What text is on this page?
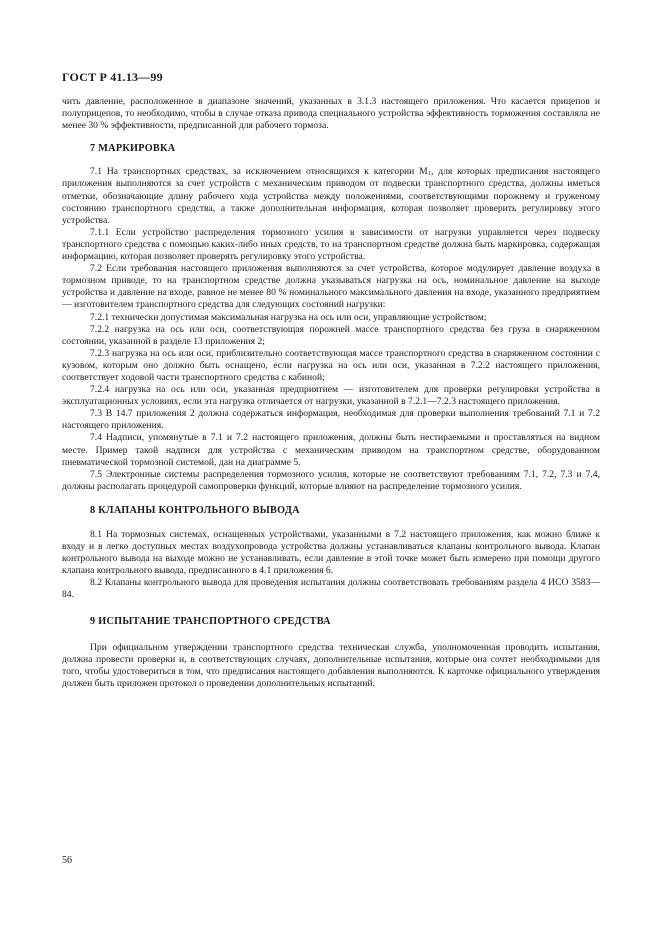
ГОСТ Р 41.13—99

чить давление, расположенное в диапазоне значений, указанных в 3.1.3 настоящего приложения. Что касается прицепов и полуприцепов, то необходимо, чтобы в случае отказа привода специального устройства эффективность торможения составляла не менее 30 % эффективности, предписанной для рабочего тормоза.

7 МАРКИРОВКА

7.1 На транспортных средствах, за исключением относящихся к категории $M_1$, для которых предписания настоящего приложения выполняются за счет устройств с механическим приводом от подвески транспортного средства, должны иметься отметки, обозначающие длину рабочего хода устройства между положениями, соответствующими порожнему и груженому состоянию транспортного средства, а также дополнительная информация, которая позволяет проверить регулировку этого устройства.

7.1.1 Если устройство распределения тормозного усилия в зависимости от нагрузки управляется через подвеску транспортного средства с помощью каких-либо иных средств, то на транспортном средстве должна быть маркировка, содержащая информацию, которая позволяет проверять регулировку этого устройства.

7.2 Если требования настоящего приложения выполняются за счет устройства, которое модулирует давление воздуха в тормозном приводе, то на транспортном средстве должна указываться нагрузка на ось, номинальное давление на выходе устройства и давление на входе, равное не менее 80 % номинального максимального давления на входе, указанного предприятием — изготовителем транспортного средства для следующих состояний нагрузки:

7.2.1 технически допустимая максимальная нагрузка на ось или оси, управляющие устройством;

7.2.2 нагрузка на ось или оси, соответствующая порожней массе транспортного средства без груза в снаряженном состоянии, указанной в разделе 13 приложения 2;

7.2.3 нагрузка на ось или оси, приблизительно соответствующая массе транспортного средства в снаряженном состоянии с кузовом, которым оно должно быть оснащено, если нагрузка на ось или оси, указанная в 7.2.2 настоящего приложения, соответствует ходовой части транспортного средства с кабиной;

7.2.4 нагрузка на ось или оси, указанная предприятием — изготовителем для проверки регулировки устройства в эксплуатационных условиях, если эта нагрузка отличается от нагрузки, указанной в 7.2.1—7.2.3 настоящего приложения.

7.3 В 14.7 приложения 2 должна содержаться информация, необходимая для проверки выполнения требований 7.1 и 7.2 настоящего приложения.

7.4 Надписи, упомянутые в 7.1 и 7.2 настоящего приложения, должны быть нестираемыми и проставляться на видном месте. Пример такой надписи для устройства с механическим приводом на транспортном средстве, оборудованном пневматической тормозной системой, дан на диаграмме 5.

7.5 Электронные системы распределения тормозного усилия, которые не соответствуют требованиям 7.1, 7.2, 7.3 и 7.4, должны располагать процедурой самопроверки функций, которые влияют на распределение тормозного усилия.

8 КЛАПАНЫ КОНТРОЛЬНОГО ВЫВОДА

8.1 На тормозных системах, оснащенных устройствами, указанными в 7.2 настоящего приложения, как можно ближе к входу и в легко доступных местах воздухопровода устройства должны устанавливаться клапаны контрольного вывода. Клапан контрольного вывода на выходе можно не устанавливать, если давление в этой точке может быть измерено при помощи другого клапана контрольного вывода, предписанного в 4.1 приложения 6.

8.2 Клапаны контрольного вывода для проведения испытания должны соответствовать требованиям раздела 4 ИСО 3583—84.

9 ИСПЫТАНИЕ ТРАНСПОРТНОГО СРЕДСТВА

При официальном утверждении транспортного средства техническая служба, уполномоченная проводить испытания, должна провести проверки и, в соответствующих случаях, дополнительные испытания, которые она сочтет необходимыми для того, чтобы удостовериться в том, что предписания настоящего добавления выполняются. К карточке официального утверждения должен быть приложен протокол о проведении дополнительных испытаний.

56
